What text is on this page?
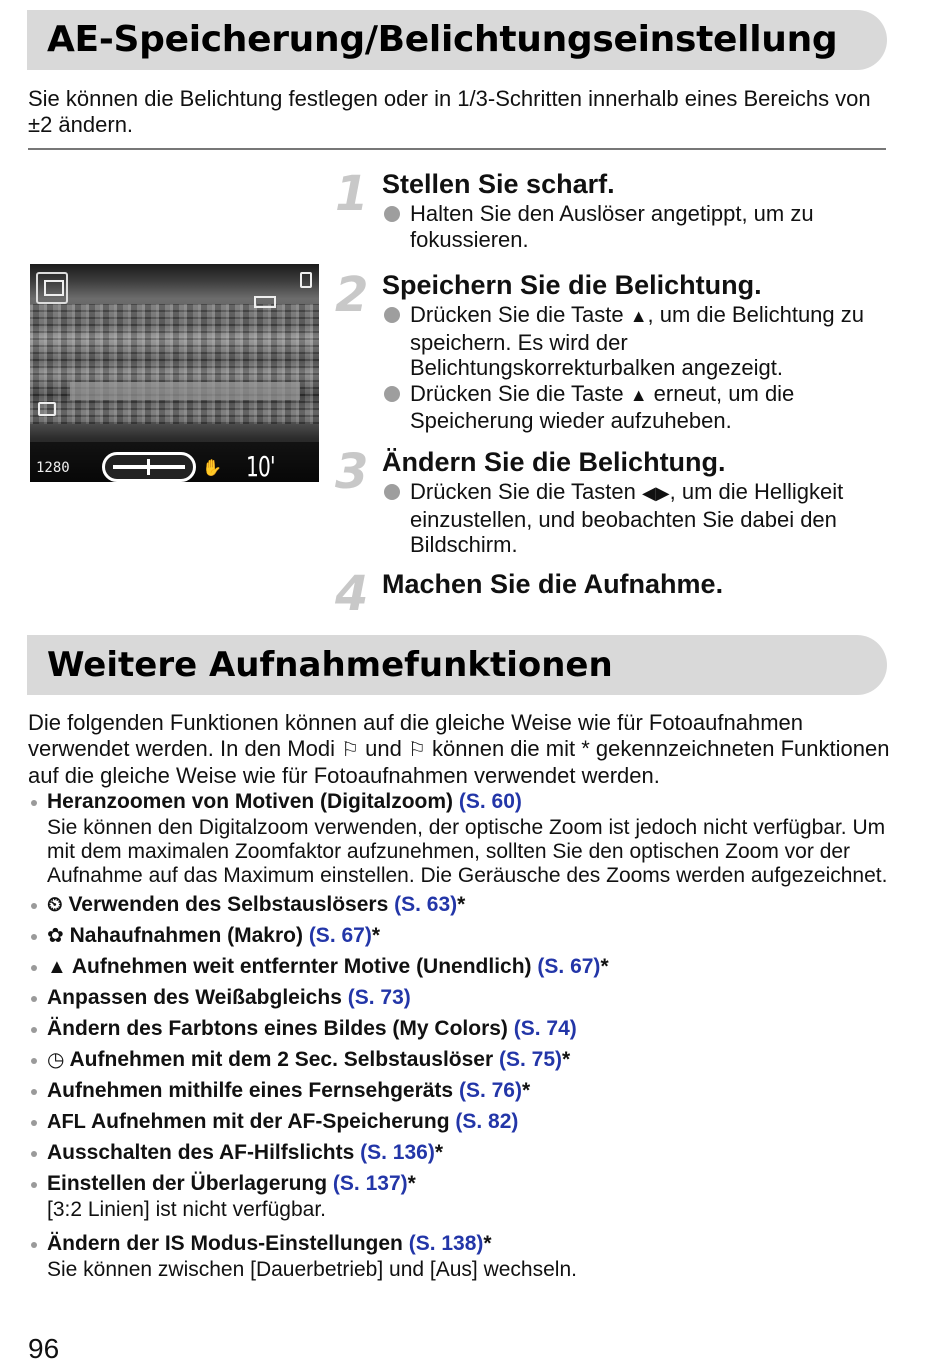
AE-Speicherung/Belichtungseinstellung

Sie können die Belichtung festlegen oder in 1/3-Schritten innerhalb eines Bereichs von ±2 ändern.

1280	✋ 10' 30"
1 Stellen Sie scharf.
Halten Sie den Auslöser angetippt, um zu fokussieren.
2 Speichern Sie die Belichtung.
Drücken Sie die Taste ▲, um die Belichtung zu speichern. Es wird der Belichtungskorrekturbalken angezeigt.
Drücken Sie die Taste ▲ erneut, um die Speicherung wieder aufzuheben.
3 Ändern Sie die Belichtung.
Drücken Sie die Tasten ◀▶, um die Helligkeit einzustellen, und beobachten Sie dabei den Bildschirm.
4 Machen Sie die Aufnahme.
Weitere Aufnahmefunktionen

Die folgenden Funktionen können auf die gleiche Weise wie für Fotoaufnahmen verwendet werden. In den Modi ⚐ und ⚐ können die mit * gekennzeichneten Funktionen auf die gleiche Weise wie für Fotoaufnahmen verwendet werden.

Heranzoomen von Motiven (Digitalzoom) (S. 60)
Sie können den Digitalzoom verwenden, der optische Zoom ist jedoch nicht verfügbar. Um mit dem maximalen Zoomfaktor aufzunehmen, sollten Sie den optischen Zoom vor der Aufnahme auf das Maximum einstellen. Die Geräusche des Zooms werden aufgezeichnet.
⏲ Verwenden des Selbstauslösers (S. 63)*
✿ Nahaufnahmen (Makro) (S. 67)*
▲ Aufnehmen weit entfernter Motive (Unendlich) (S. 67)*
Anpassen des Weißabgleichs (S. 73)
Ändern des Farbtons eines Bildes (My Colors) (S. 74)
◷ Aufnehmen mit dem 2 Sec. Selbstauslöser (S. 75)*
Aufnehmen mithilfe eines Fernsehgeräts (S. 76)*
AFL Aufnehmen mit der AF-Speicherung (S. 82)
Ausschalten des AF-Hilfslichts (S. 136)*
Einstellen der Überlagerung (S. 137)*
[3:2 Linien] ist nicht verfügbar.
Ändern der IS Modus-Einstellungen (S. 138)*
Sie können zwischen [Dauerbetrieb] und [Aus] wechseln.
96
